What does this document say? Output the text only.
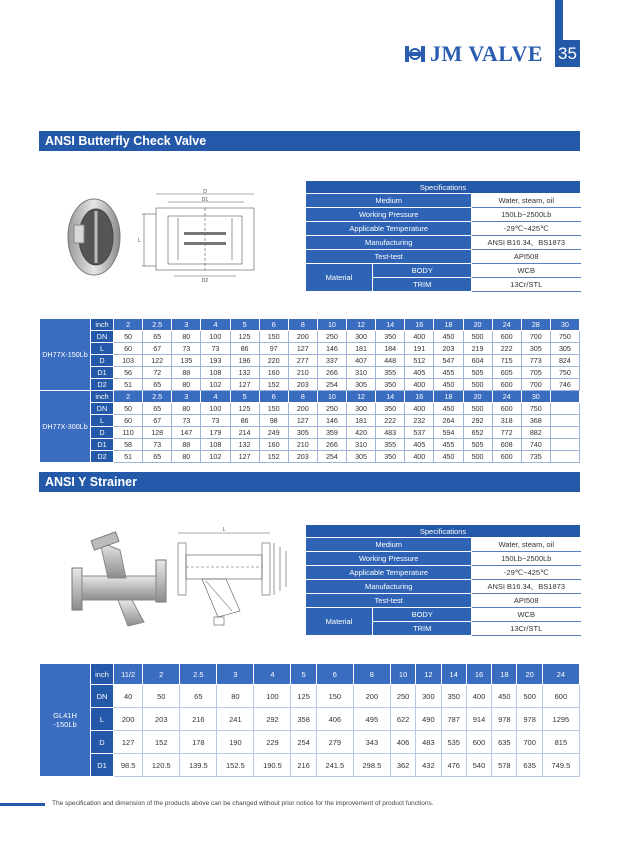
JM VALVE 35
ANSI Butterfly Check Valve
D
D1
D2
L
Specifications		
Medium		Water, steam, oil
Working Pressure		150Lb~2500Lb
Applicable Temperature		-29℃~425℃
Manufacturing		ANSI B16.34、BS1873
Test-test		API508
Material	BODY	WCB
	TRIM	13Cr/STL
DH77X-150Lb	inch	2	2.5	3	4	5	6	8	10	12	14	16	18	20	24	28	30
	DN	50	65	80	100	125	150	200	250	300	350	400	450	500	600	700	750
	L	60	67	73	73	86	97	127	146	181	184	191	203	219	222	305	305
	D	103	122	135	193	196	220	277	337	407	448	512	547	604	715	773	824
	D1	56	72	88	108	132	160	210	266	310	355	405	455	505	605	705	750
	D2	51	65	80	102	127	152	203	254	305	350	400	450	500	600	700	746
DH77X-300Lb	inch	2	2.5	3	4	5	6	8	10	12	14	16	18	20	24	30	
	DN	50	65	80	100	125	150	200	250	300	350	400	450	500	600	750	
	L	60	67	73	73	86	98	127	146	181	222	232	264	292	318	368	
	D	110	128	147	179	214	249	305	359	420	483	537	594	652	772	882	
	D1	58	73	88	108	132	160	210	266	310	355	405	455	505	608	740	
	D2	51	65	80	102	127	152	203	254	305	350	400	450	500	600	735	
ANSI Y Strainer
L	Specifications		
Medium		Water, steam, oil
Working Pressure		150Lb~2500Lb
Applicable Temperature		-29℃~425℃
Manufacturing		ANSI B16.34、BS1873
Test-test		API508
Material	BODY	WCB
	TRIM	13Cr/STL
GL41H
-150Lb	inch	11/2	2	2.5	3	4	5	6	8	10	12	14	16	18	20	24
	DN	40	50	65	80	100	125	150	200	250	300	350	400	450	500	600
	L	200	203	216	241	292	358	406	495	622	490	787	914	978	978	1295
	D	127	152	178	190	229	254	279	343	406	483	535	600	635	700	815
	D1	98.5	120.5	139.5	152.5	190.5	216	241.5	298.5	362	432	476	540	578	635	749.5
The specification and dimension of the products above can be changed without prior notice for the improvement of product functions.
